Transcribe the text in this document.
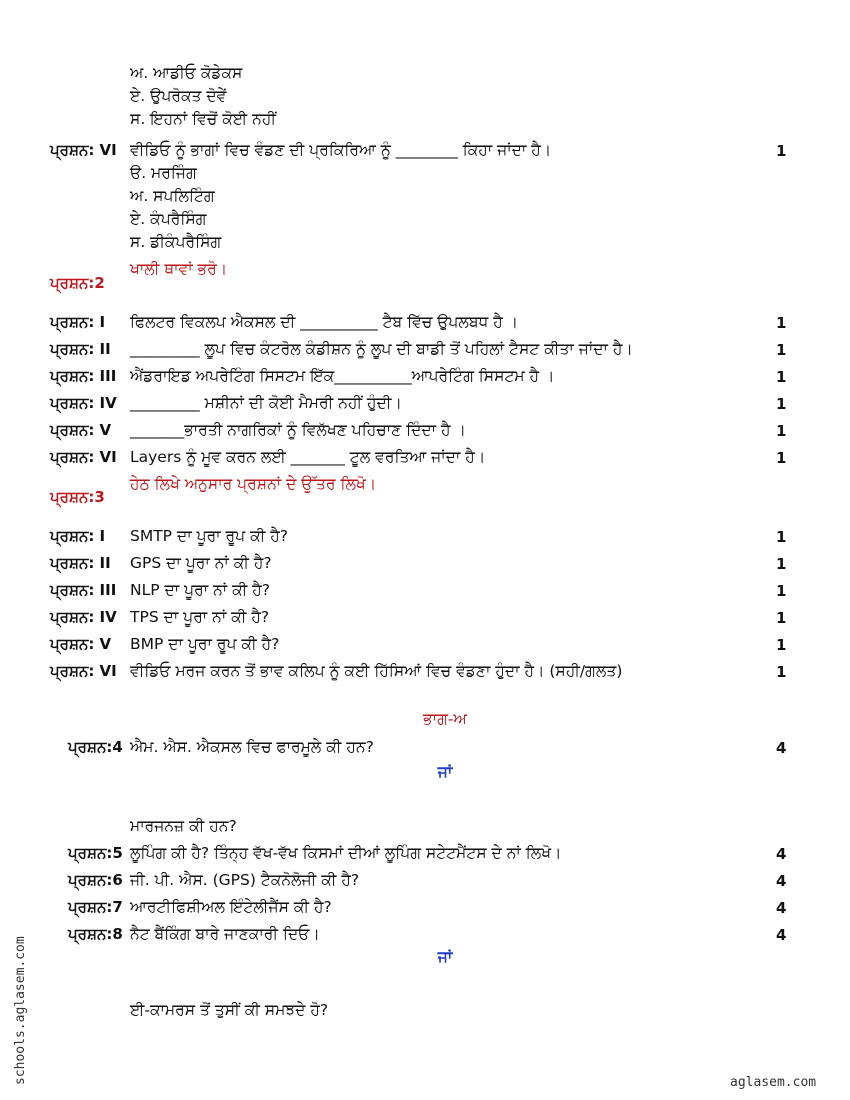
ਅ. ਆਡੀਓ ਕੋਡੇਕਸ
ਏ. ਉਪਰੋਕਤ ਦੋਵੇਂ
ਸ. ਇਹਨਾਂ ਵਿਚੋਂ ਕੋਈ ਨਹੀਂ
ਪ੍ਰਸ਼ਨ: VI ਵੀਡਿਓ ਨੂੰ ਭਾਗਾਂ ਵਿਚ ਵੰਡਣ ਦੀ ਪ੍ਰਕਿਰਿਆ ਨੂੰ ________ ਕਿਹਾ ਜਾਂਦਾ ਹੈ।	1
ੳ. ਮਰਜਿੰਗ
ਅ. ਸਪਲਿਟਿੰਗ
ਏ. ਕੰਪਰੈਸਿੰਗ
ਸ. ਡੀਕੰਪਰੈਸਿੰਗ
ਖਾਲੀ ਥਾਵਾਂ ਭਰੋ।
ਪ੍ਰਸ਼ਨ:2
ਪ੍ਰਸ਼ਨ: I ਫਿਲਟਰ ਵਿਕਲਪ ਐਕਸਲ ਦੀ __________ ਟੈਬ ਵਿੱਚ ਉਪਲਬਧ ਹੈ ।	1
ਪ੍ਰਸ਼ਨ: II _________ ਲੂਪ ਵਿਚ ਕੰਟਰੋਲ ਕੰਡੀਸ਼ਨ ਨੂੰ ਲੂਪ ਦੀ ਬਾਡੀ ਤੋਂ ਪਹਿਲਾਂ ਟੈਸਟ ਕੀਤਾ ਜਾਂਦਾ ਹੈ।	1
ਪ੍ਰਸ਼ਨ: III ਐਂਡਰਾਇਡ ਅਪਰੇਟਿੰਗ ਸਿਸਟਮ ਇੱਕ__________ਆਪਰੇਟਿੰਗ ਸਿਸਟਮ ਹੈ ।	1
ਪ੍ਰਸ਼ਨ: IV _________ ਮਸ਼ੀਨਾਂ ਦੀ ਕੋਈ ਮੈਮਰੀ ਨਹੀਂ ਹੁੰਦੀ।	1
ਪ੍ਰਸ਼ਨ: V _______ਭਾਰਤੀ ਨਾਗਰਿਕਾਂ ਨੂੰ ਵਿਲੱਖਣ ਪਹਿਚਾਣ ਦਿੰਦਾ ਹੈ ।	1
ਪ੍ਰਸ਼ਨ: VI Layers ਨੂੰ ਮੂਵ ਕਰਨ ਲਈ _______ ਟੂਲ ਵਰਤਿਆ ਜਾਂਦਾ ਹੈ।	1
ਹੇਠ ਲਿਖੇ ਅਨੁਸਾਰ ਪ੍ਰਸ਼ਨਾਂ ਦੇ ਉੱਤਰ ਲਿਖੋ।
ਪ੍ਰਸ਼ਨ:3
ਪ੍ਰਸ਼ਨ: I SMTP ਦਾ ਪੂਰਾ ਰੂਪ ਕੀ ਹੈ?	1
ਪ੍ਰਸ਼ਨ: II GPS ਦਾ ਪੂਰਾ ਨਾਂ ਕੀ ਹੈ?	1
ਪ੍ਰਸ਼ਨ: III NLP ਦਾ ਪੂਰਾ ਨਾਂ ਕੀ ਹੈ?	1
ਪ੍ਰਸ਼ਨ: IV TPS ਦਾ ਪੂਰਾ ਨਾਂ ਕੀ ਹੈ?	1
ਪ੍ਰਸ਼ਨ: V BMP ਦਾ ਪੂਰਾ ਰੂਪ ਕੀ ਹੈ?	1
ਪ੍ਰਸ਼ਨ: VI ਵੀਡਿਓ ਮਰਜ ਕਰਨ ਤੋਂ ਭਾਵ ਕਲਿਪ ਨੂੰ ਕਈ ਹਿੱਸਿਆਂ ਵਿਚ ਵੰਡਣਾ ਹੁੰਦਾ ਹੈ। (ਸਹੀ/ਗਲਤ)	1
ਭਾਗ-ਅ
ਪ੍ਰਸ਼ਨ:4 ਐਮ. ਐਸ. ਐਕਸਲ ਵਿਚ ਫਾਰਮੂਲੇ ਕੀ ਹਨ?	4
ਜਾਂ
ਮਾਰਜਨਜ਼ ਕੀ ਹਨ?
ਪ੍ਰਸ਼ਨ:5 ਲੂਪਿੰਗ ਕੀ ਹੈ? ਤਿੰਨ੍ਹ ਵੱਖ-ਵੱਖ ਕਿਸਮਾਂ ਦੀਆਂ ਲੂਪਿੰਗ ਸਟੇਟਮੈਂਟਸ ਦੇ ਨਾਂ ਲਿਖੋ।	4
ਪ੍ਰਸ਼ਨ:6 ਜੀ. ਪੀ. ਐਸ. (GPS) ਟੈਕਨੋਲੋਜੀ ਕੀ ਹੈ?	4
ਪ੍ਰਸ਼ਨ:7 ਆਰਟੀਫਿਸ਼ੀਅਲ ਇੰਟੇਲੀਜੈਂਸ ਕੀ ਹੈ?	4
ਪ੍ਰਸ਼ਨ:8 ਨੈਟ ਬੈਂਕਿੰਗ ਬਾਰੇ ਜਾਣਕਾਰੀ ਦਿਓ।	4
ਜਾਂ
ਈ-ਕਾਮਰਸ ਤੋਂ ਤੁਸੀਂ ਕੀ ਸਮਝਦੇ ਹੋ?
schools.aglasem.com	aglasem.com
